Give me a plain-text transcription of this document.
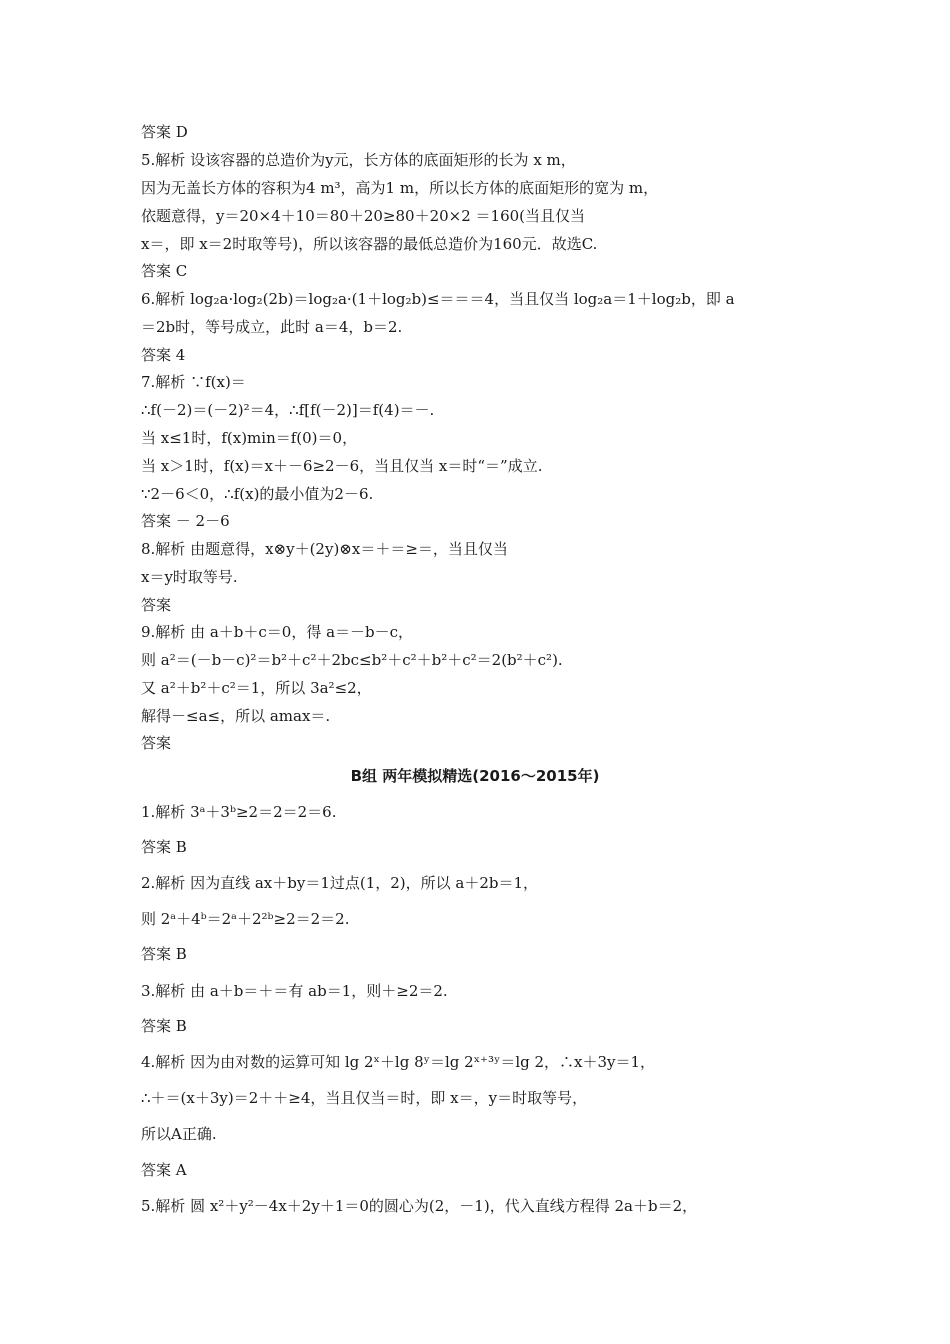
答案 D
5.解析 设该容器的总造价为y元，长方体的底面矩形的长为 x m，
因为无盖长方体的容积为4 m³，高为1 m，所以长方体的底面矩形的宽为 m，
依题意得，y＝20×4＋10＝80＋20≥80＋20×2 ＝160(当且仅当
x＝，即 x＝2时取等号)，所以该容器的最低总造价为160元．故选C.
答案 C
6.解析 log₂a·log₂(2b)＝log₂a·(1＋log₂b)≤＝＝＝4，当且仅当 log₂a＝1＋log₂b，即 a
＝2b时，等号成立，此时 a＝4，b＝2.
答案 4
7.解析 ∵f(x)＝
∴f(－2)＝(－2)²＝4，∴f[f(－2)]＝f(4)＝－.
当 x≤1时，f(x)min＝f(0)＝0，
当 x＞1时，f(x)＝x＋－6≥2－6，当且仅当 x＝时“＝”成立.
∵2－6＜0，∴f(x)的最小值为2－6.
答案 － 2－6
8.解析 由题意得，x⊗y＋(2y)⊗x＝＋＝≥＝，当且仅当
x＝y时取等号.
答案
9.解析 由 a＋b＋c＝0，得 a＝－b－c，
则 a²＝(－b－c)²＝b²＋c²＋2bc≤b²＋c²＋b²＋c²＝2(b²＋c²).
又 a²＋b²＋c²＝1，所以 3a²≤2，
解得－≤a≤，所以 amax＝.
答案
B组 两年模拟精选(2016～2015年)
1.解析 3ᵃ＋3ᵇ≥2＝2＝2＝6.
答案 B
2.解析 因为直线 ax＋by＝1过点(1，2)，所以 a＋2b＝1，
则 2ᵃ＋4ᵇ＝2ᵃ＋2²ᵇ≥2＝2＝2.
答案 B
3.解析 由 a＋b＝＋＝有 ab＝1，则＋≥2＝2.
答案 B
4.解析 因为由对数的运算可知 lg 2ˣ＋lg 8ʸ＝lg 2ˣ⁺³ʸ＝lg 2，∴x＋3y＝1，
∴＋＝(x＋3y)＝2＋＋≥4，当且仅当＝时，即 x＝，y＝时取等号，
所以A正确.
答案 A
5.解析 圆 x²＋y²－4x＋2y＋1＝0的圆心为(2，－1)，代入直线方程得 2a＋b＝2，
